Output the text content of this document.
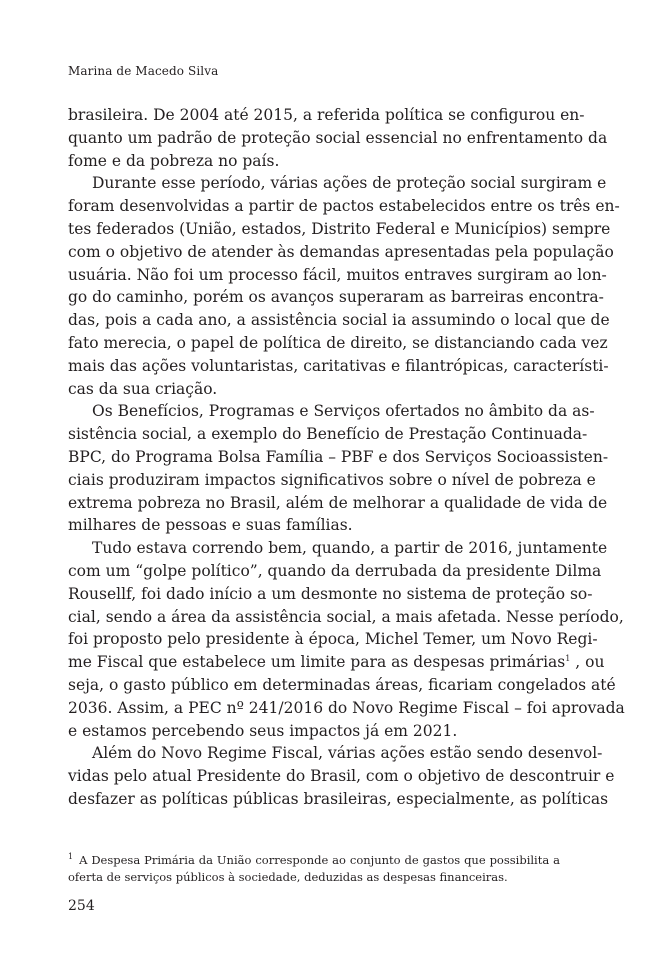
Marina de Macedo Silva
brasileira. De 2004 até 2015, a referida política se configurou en-
quanto um padrão de proteção social essencial no enfrentamento da
fome e da pobreza no país.
Durante esse período, várias ações de proteção social surgiram e
foram desenvolvidas a partir de pactos estabelecidos entre os três en-
tes federados (União, estados, Distrito Federal e Municípios) sempre
com o objetivo de atender às demandas apresentadas pela população
usuária. Não foi um processo fácil, muitos entraves surgiram ao lon-
go do caminho, porém os avanços superaram as barreiras encontra-
das, pois a cada ano, a assistência social ia assumindo o local que de
fato merecia, o papel de política de direito, se distanciando cada vez
mais das ações voluntaristas, caritativas e filantrópicas, característi-
cas da sua criação.
Os Benefícios, Programas e Serviços ofertados no âmbito da as-
sistência social, a exemplo do Benefício de Prestação Continuada-
BPC, do Programa Bolsa Família – PBF e dos Serviços Socioassisten-
ciais produziram impactos significativos sobre o nível de pobreza e
extrema pobreza no Brasil, além de melhorar a qualidade de vida de
milhares de pessoas e suas famílias.
Tudo estava correndo bem, quando, a partir de 2016, juntamente
com um “golpe político”, quando da derrubada da presidente Dilma
Rousellf, foi dado início a um desmonte no sistema de proteção so-
cial, sendo a área da assistência social, a mais afetada. Nesse período,
foi proposto pelo presidente à época, Michel Temer, um Novo Regi-
me Fiscal que estabelece um limite para as despesas primárias$^1$ , ou
seja, o gasto público em determinadas áreas, ficariam congelados até
2036. Assim, a PEC nº 241/2016 do Novo Regime Fiscal – foi aprovada
e estamos percebendo seus impactos já em 2021.
Além do Novo Regime Fiscal, várias ações estão sendo desenvol-
vidas pelo atual Presidente do Brasil, com o objetivo de descontruir e
desfazer as políticas públicas brasileiras, especialmente, as políticas
$^1$ A Despesa Primária da União corresponde ao conjunto de gastos que possibilita a
oferta de serviços públicos à sociedade, deduzidas as despesas financeiras.
254
